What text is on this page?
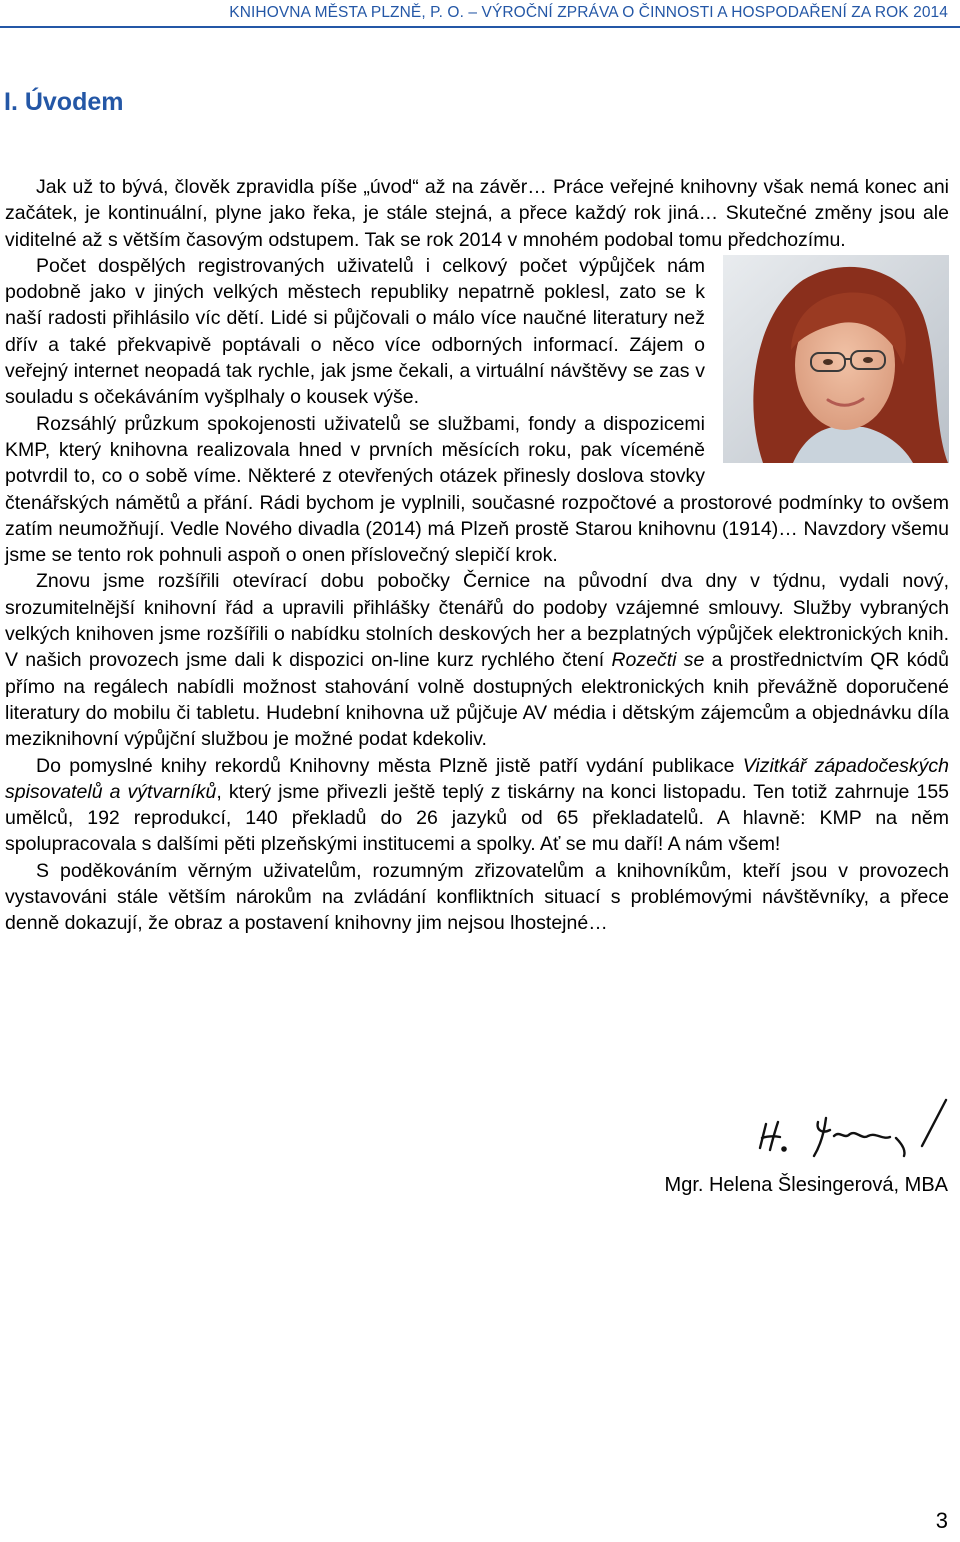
KNIHOVNA MĚSTA PLZNĚ, P. O. – VÝROČNÍ ZPRÁVA O ČINNOSTI A HOSPODAŘENÍ ZA ROK 2014
I. Úvodem

Jak už to bývá, člověk zpravidla píše „úvod“ až na závěr… Práce veřejné knihovny však nemá konec ani začátek, je kontinuální, plyne jako řeka, je stále stejná, a přece každý rok jiná… Skutečné změny jsou ale viditelné až s větším časovým odstupem. Tak se rok 2014 v mnohém podobal tomu předchozímu.

Počet dospělých registrovaných uživatelů i celkový počet výpůjček nám podobně jako v jiných velkých městech republiky nepatrně poklesl, zato se k naší radosti přihlásilo víc dětí. Lidé si půjčovali o málo více naučné literatury než dřív a také překvapivě poptávali o něco více odborných informací. Zájem o veřejný internet neopadá tak rychle, jak jsme čekali, a virtuální návštěvy se zas v souladu s očekáváním vyšplhaly o kousek výše.

Rozsáhlý průzkum spokojenosti uživatelů se službami, fondy a dispozicemi KMP, který knihovna realizovala hned v prvních měsících roku, pak víceméně potvrdil to, co o sobě víme. Některé z otevřených otázek přinesly doslova stovky čtenářských námětů a přání. Rádi bychom je vyplnili, současné rozpočtové a prostorové podmínky to ovšem zatím neumožňují. Vedle Nového divadla (2014) má Plzeň prostě Starou knihovnu (1914)… Navzdory všemu jsme se tento rok pohnuli aspoň o onen příslovečný slepičí krok.

Znovu jsme rozšířili otevírací dobu pobočky Černice na původní dva dny v týdnu, vydali nový, srozumitelnější knihovní řád a upravili přihlášky čtenářů do podoby vzájemné smlouvy. Služby vybraných velkých knihoven jsme rozšířili o nabídku stolních deskových her a bezplatných výpůjček elektronických knih. V našich provozech jsme dali k dispozici on-line kurz rychlého čtení Rozečti se a prostřednictvím QR kódů přímo na regálech nabídli možnost stahování volně dostupných elektronických knih převážně doporučené literatury do mobilu či tabletu. Hudební knihovna už půjčuje AV média i dětským zájemcům a objednávku díla meziknihovní výpůjční službou je možné podat kdekoliv.

Do pomyslné knihy rekordů Knihovny města Plzně jistě patří vydání publikace Vizitkář západočeských spisovatelů a výtvarníků, který jsme přivezli ještě teplý z tiskárny na konci listopadu. Ten totiž zahrnuje 155 umělců, 192 reprodukcí, 140 překladů do 26 jazyků od 65 překladatelů. A hlavně: KMP na něm spolupracovala s dalšími pěti plzeňskými institucemi a spolky. Ať se mu daří! A nám všem!

S poděkováním věrným uživatelům, rozumným zřizovatelům a knihovníkům, kteří jsou v provozech vystavováni stále větším nárokům na zvládání konfliktních situací s problémovými návštěvníky, a přece denně dokazují, že obraz a postavení knihovny jim nejsou lhostejné…

Mgr. Helena Šlesingerová, MBA
3
